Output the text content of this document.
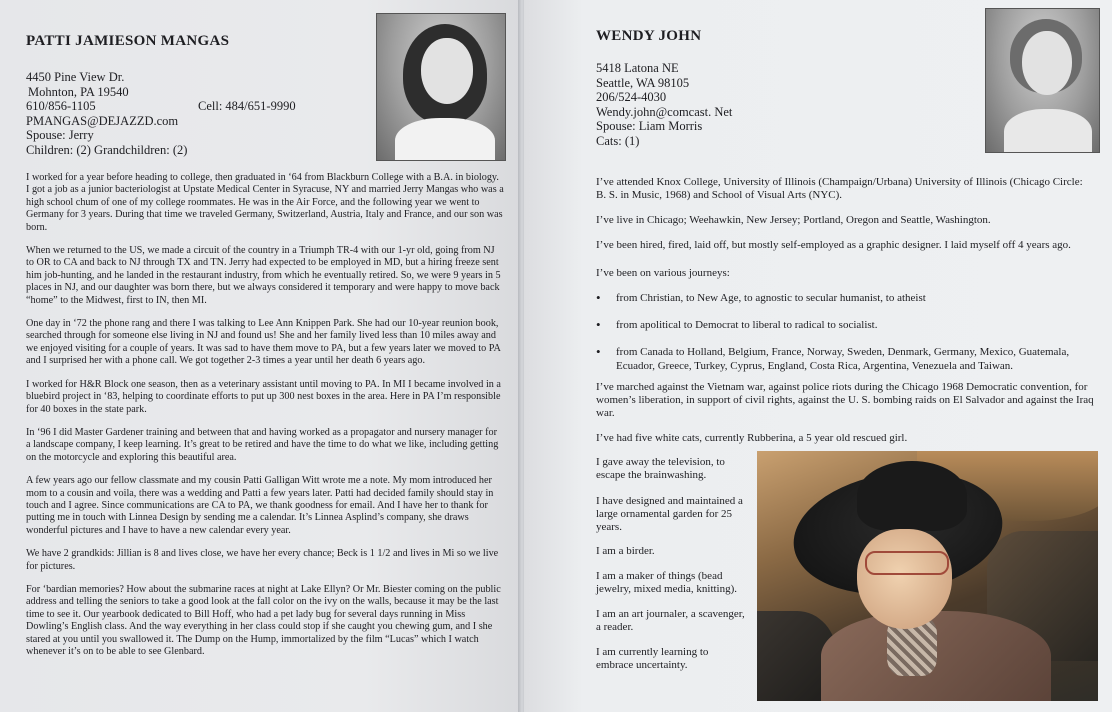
PATTI JAMIESON MANGAS
4450 Pine View Dr.
Mohnton, PA 19540
610/856-1105	Cell: 484/651-9990
PMANGAS@DEJAZZD.com
Spouse: Jerry
Children: (2) Grandchildren: (2)

I worked for a year before heading to college, then graduated in ‘64 from Blackburn College with a B.A. in biology. I got a job as a junior bacteriologist at Upstate Medical Center in Syracuse, NY and married Jerry Mangas who was a high school chum of one of my college roommates. He was in the Air Force, and the following year we went to Germany for 3 years. During that time we traveled Germany, Switzerland, Austria, Italy and France, and our son was born.

When we returned to the US, we made a circuit of the country in a Triumph TR-4 with our 1-yr old, going from NJ to OR to CA and back to NJ through TX and TN. Jerry had expected to be employed in MD, but a hiring freeze sent him job-hunting, and he landed in the restaurant industry, from which he eventually retired. So, we were 9 years in 5 places in NJ, and our daughter was born there, but we always considered it temporary and were happy to move back “home” to the Midwest, first to IN, then MI.

One day in ‘72 the phone rang and there I was talking to Lee Ann Knippen Park. She had our 10-year reunion book, searched through for someone else living in NJ and found us! She and her family lived less than 10 miles away and we enjoyed visiting for a couple of years. It was sad to have them move to PA, but a few years later we moved to PA and I surprised her with a phone call. We got together 2-3 times a year until her death 6 years ago.

I worked for H&R Block one season, then as a veterinary assistant until moving to PA. In MI I became involved in a bluebird project in ‘83, helping to coordinate efforts to put up 300 nest boxes in the area. Here in PA I’m responsible for 40 boxes in the state park.

In ‘96 I did Master Gardener training and between that and having worked as a propagator and nursery manager for a landscape company, I keep learning. It’s great to be retired and have the time to do what we like, including getting on the motorcycle and exploring this beautiful area.

A few years ago our fellow classmate and my cousin Patti Galligan Witt wrote me a note. My mom introduced her mom to a cousin and voila, there was a wedding and Patti a few years later. Patti had decided family should stay in touch and I agree. Since communications are CA to PA, we thank goodness for email. And I have her to thank for putting me in touch with Linnea Design by sending me a calendar. It’s Linnea Asplind’s company, she draws wonderful pictures and I have to have a new calendar every year.

We have 2 grandkids: Jillian is 8 and lives close, we have her every chance; Beck is 1 1/2 and lives in Mi so we live for pictures.

For ‘bardian memories? How about the submarine races at night at Lake Ellyn? Or Mr. Biester coming on the public address and telling the seniors to take a good look at the fall color on the ivy on the walls, because it may be the last time to see it. Our yearbook dedicated to Bill Hoff, who had a pet lady bug for several days running in Miss Dowling’s English class. And the way everything in her class could stop if she caught you chewing gum, and I she stared at you until you swallowed it. The Dump on the Hump, immortalized by the film “Lucas” which I watch whenever it’s on to be able to see Glenbard.

WENDY JOHN
5418 Latona NE
Seattle, WA 98105
206/524-4030
Wendy.john@comcast. Net
Spouse: Liam Morris
Cats: (1)

I’ve attended Knox College, University of Illinois (Champaign/Urbana) University of Illinois (Chicago Circle: B. S. in Music, 1968) and School of Visual Arts (NYC).

I’ve live in Chicago; Weehawkin, New Jersey; Portland, Oregon and Seattle, Washington.

I’ve been hired, fired, laid off, but mostly self-employed as a graphic designer. I laid myself off 4 years ago.

I’ve been on various journeys:

• from Christian, to New Age, to agnostic to secular humanist, to atheist
• from apolitical to Democrat to liberal to radical to socialist.
• from Canada to Holland, Belgium, France, Norway, Sweden, Denmark, Germany, Mexico, Guatemala, Ecuador, Greece, Turkey, Cyprus, England, Costa Rica, Argentina, Venezuela and Taiwan.

I’ve marched against the Vietnam war, against police riots during the Chicago 1968 Democratic convention, for women’s liberation, in support of civil rights, against the U. S. bombing raids on El Salvador and against the Iraq war.

I’ve had five white cats, currently Rubberina, a 5 year old rescued girl.

I gave away the television, to escape the brainwashing.

I have designed and maintained a large ornamental garden for 25 years.

I am a birder.

I am a maker of things (bead jewelry, mixed media, knitting).

I am an art journaler, a scavenger, a reader.

I am currently learning to embrace uncertainty.
